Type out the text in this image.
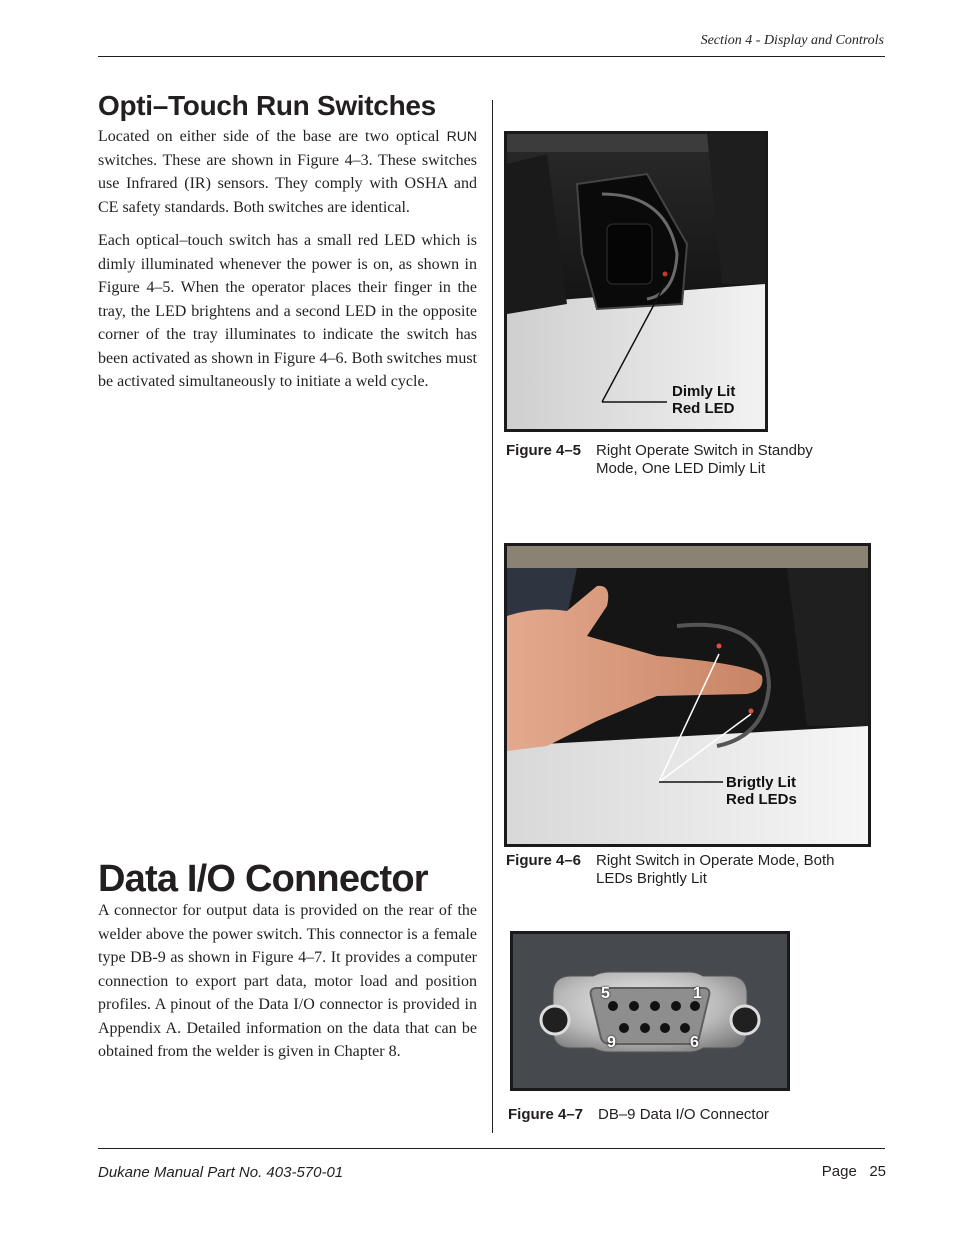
Section 4 - Display and Controls
Opti–Touch Run Switches

Located on either side of the base are two optical RUN switches. These are shown in Figure 4–3. These switches use Infrared (IR) sensors. They comply with OSHA and CE safety standards. Both switches are identical.

Each optical–touch switch has a small red LED which is dimly illuminated whenever the power is on, as shown in Figure 4–5. When the operator places their finger in the tray, the LED brightens and a second LED in the opposite corner of the tray illuminates to indicate the switch has been activated as shown in Figure 4–6. Both switches must be activated simultaneously to initiate a weld cycle.

Data I/O Connector

A connector for output data is provided on the rear of the welder above the power switch. This connector is a female type DB-9 as shown in Figure 4–7. It provides a computer connection to export part data, motor load and position profiles. A pinout of the Data I/O connector is provided in Appendix A. Detailed information on the data that can be obtained from the welder is given in Chapter 8.

Dimly Lit
Red LED
Figure 4–5 Right Operate Switch in Standby
Mode, One LED Dimly Lit
Brigtly Lit
Red LEDs
Figure 4–6 Right Switch in Operate Mode, Both
LEDs Brightly Lit
5	1
9	6
Figure 4–7 DB–9 Data I/O Connector
Dukane Manual Part No. 403-570-01	Page 25
